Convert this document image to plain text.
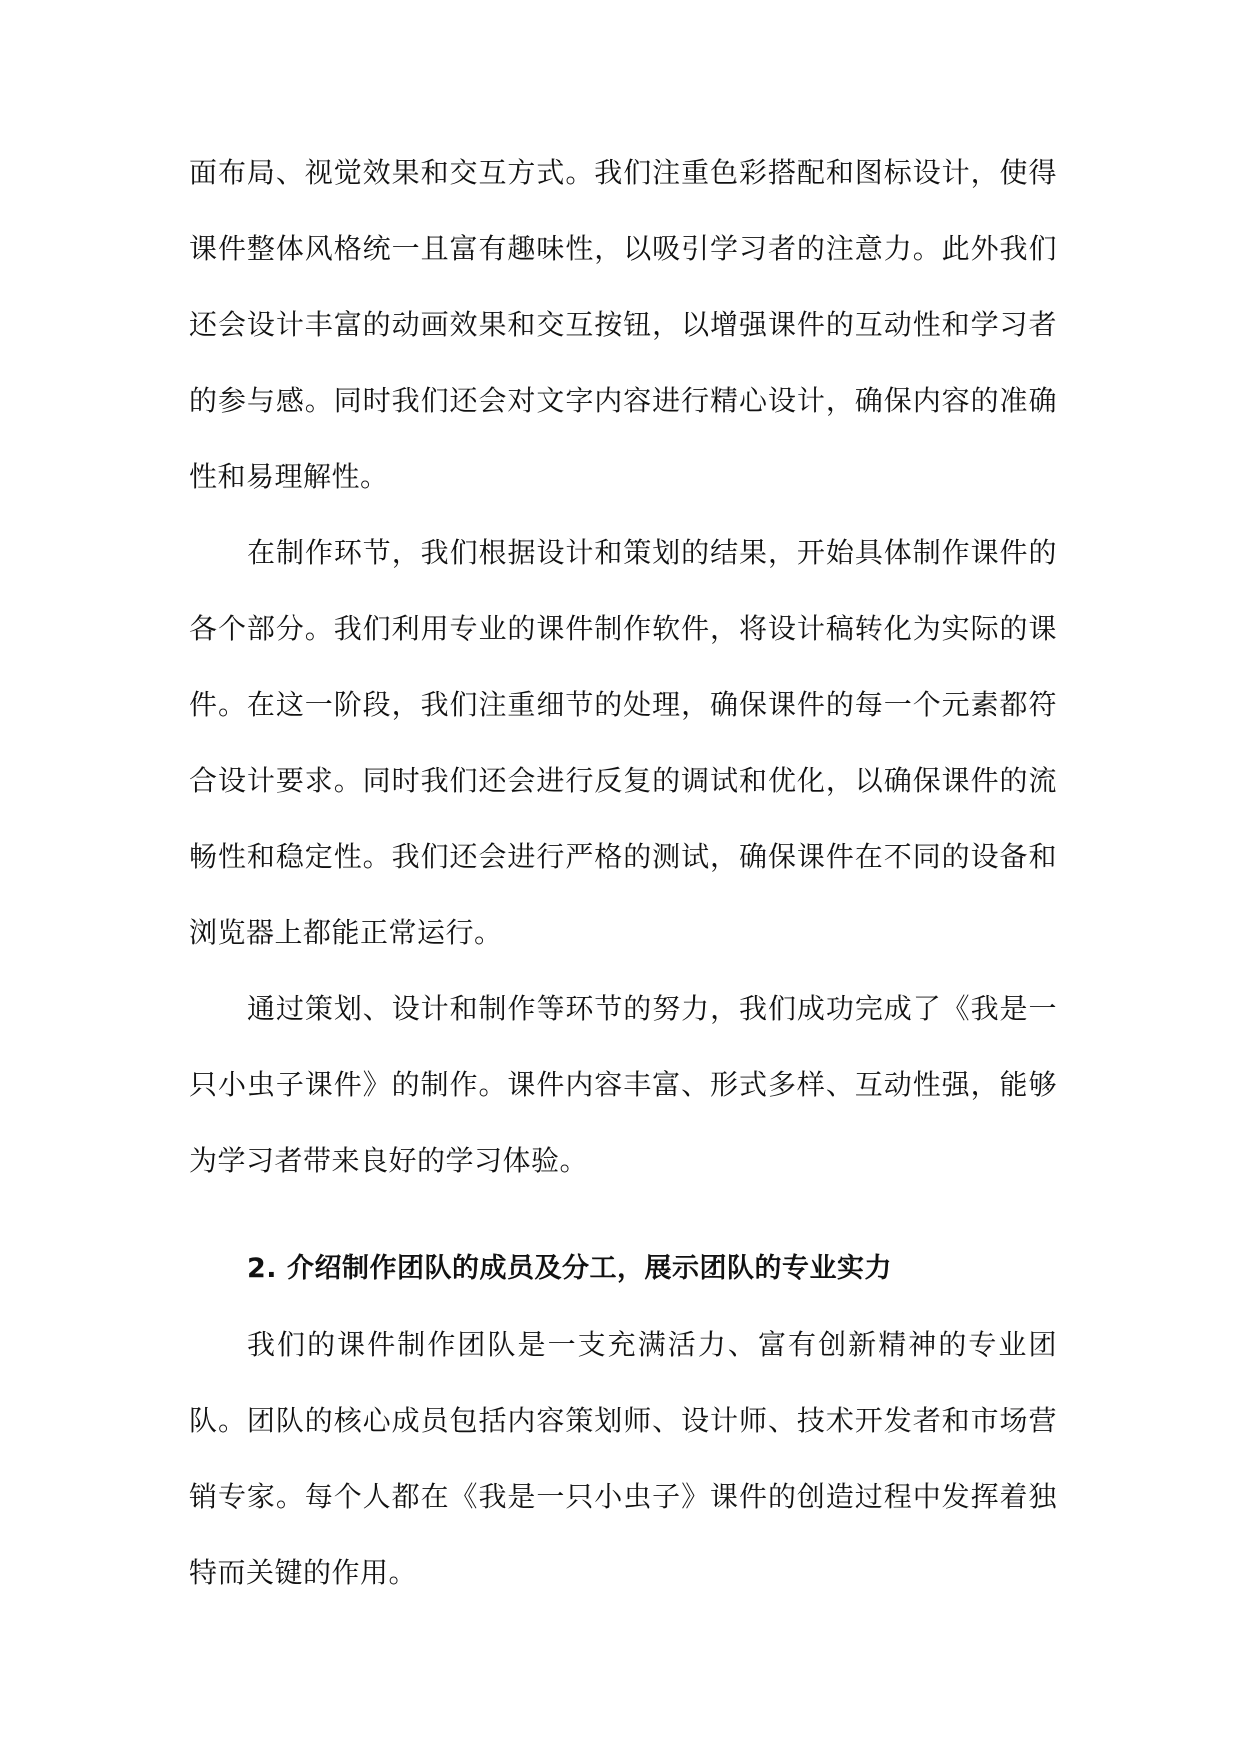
面布局、视觉效果和交互方式。我们注重色彩搭配和图标设计，使得课件整体风格统一且富有趣味性，以吸引学习者的注意力。此外我们还会设计丰富的动画效果和交互按钮，以增强课件的互动性和学习者的参与感。同时我们还会对文字内容进行精心设计，确保内容的准确性和易理解性。

在制作环节，我们根据设计和策划的结果，开始具体制作课件的各个部分。我们利用专业的课件制作软件，将设计稿转化为实际的课件。在这一阶段，我们注重细节的处理，确保课件的每一个元素都符合设计要求。同时我们还会进行反复的调试和优化，以确保课件的流畅性和稳定性。我们还会进行严格的测试，确保课件在不同的设备和浏览器上都能正常运行。

通过策划、设计和制作等环节的努力，我们成功完成了《我是一只小虫子课件》的制作。课件内容丰富、形式多样、互动性强，能够为学习者带来良好的学习体验。

2. 介绍制作团队的成员及分工，展示团队的专业实力

我们的课件制作团队是一支充满活力、富有创新精神的专业团队。团队的核心成员包括内容策划师、设计师、技术开发者和市场营销专家。每个人都在《我是一只小虫子》课件的创造过程中发挥着独特而关键的作用。
